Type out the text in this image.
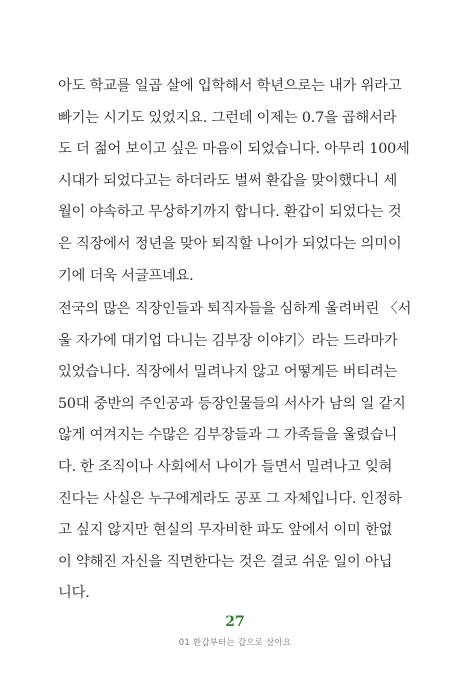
아도 학교를 일곱 살에 입학해서 학년으로는 내가 위라고
빠기는 시기도 있었지요. 그런데 이제는 0.7을 곱해서라
도 더 젊어 보이고 싶은 마음이 되었습니다. 아무리 100세
시대가 되었다고는 하더라도 벌써 환갑을 맞이했다니 세
월이 야속하고 무상하기까지 합니다. 환갑이 되었다는 것
은 직장에서 정년을 맞아 퇴직할 나이가 되었다는 의미이
기에 더욱 서글프네요.
전국의 많은 직장인들과 퇴직자들을 심하게 울려버린 〈서
울 자가에 대기업 다니는 김부장 이야기〉라는 드라마가
있었습니다. 직장에서 밀려나지 않고 어떻게든 버티려는
50대 중반의 주인공과 등장인물들의 서사가 남의 일 같지
않게 여겨지는 수많은 김부장들과 그 가족들을 울렸습니
다. 한 조직이나 사회에서 나이가 들면서 밀려나고 잊혀
진다는 사실은 누구에게라도 공포 그 자체입니다. 인정하
고 싶지 않지만 현실의 무자비한 파도 앞에서 이미 한없
이 약해진 자신을 직면한다는 것은 결코 쉬운 일이 아닙
니다.
27
01 환갑부터는 갑으로 살아요
